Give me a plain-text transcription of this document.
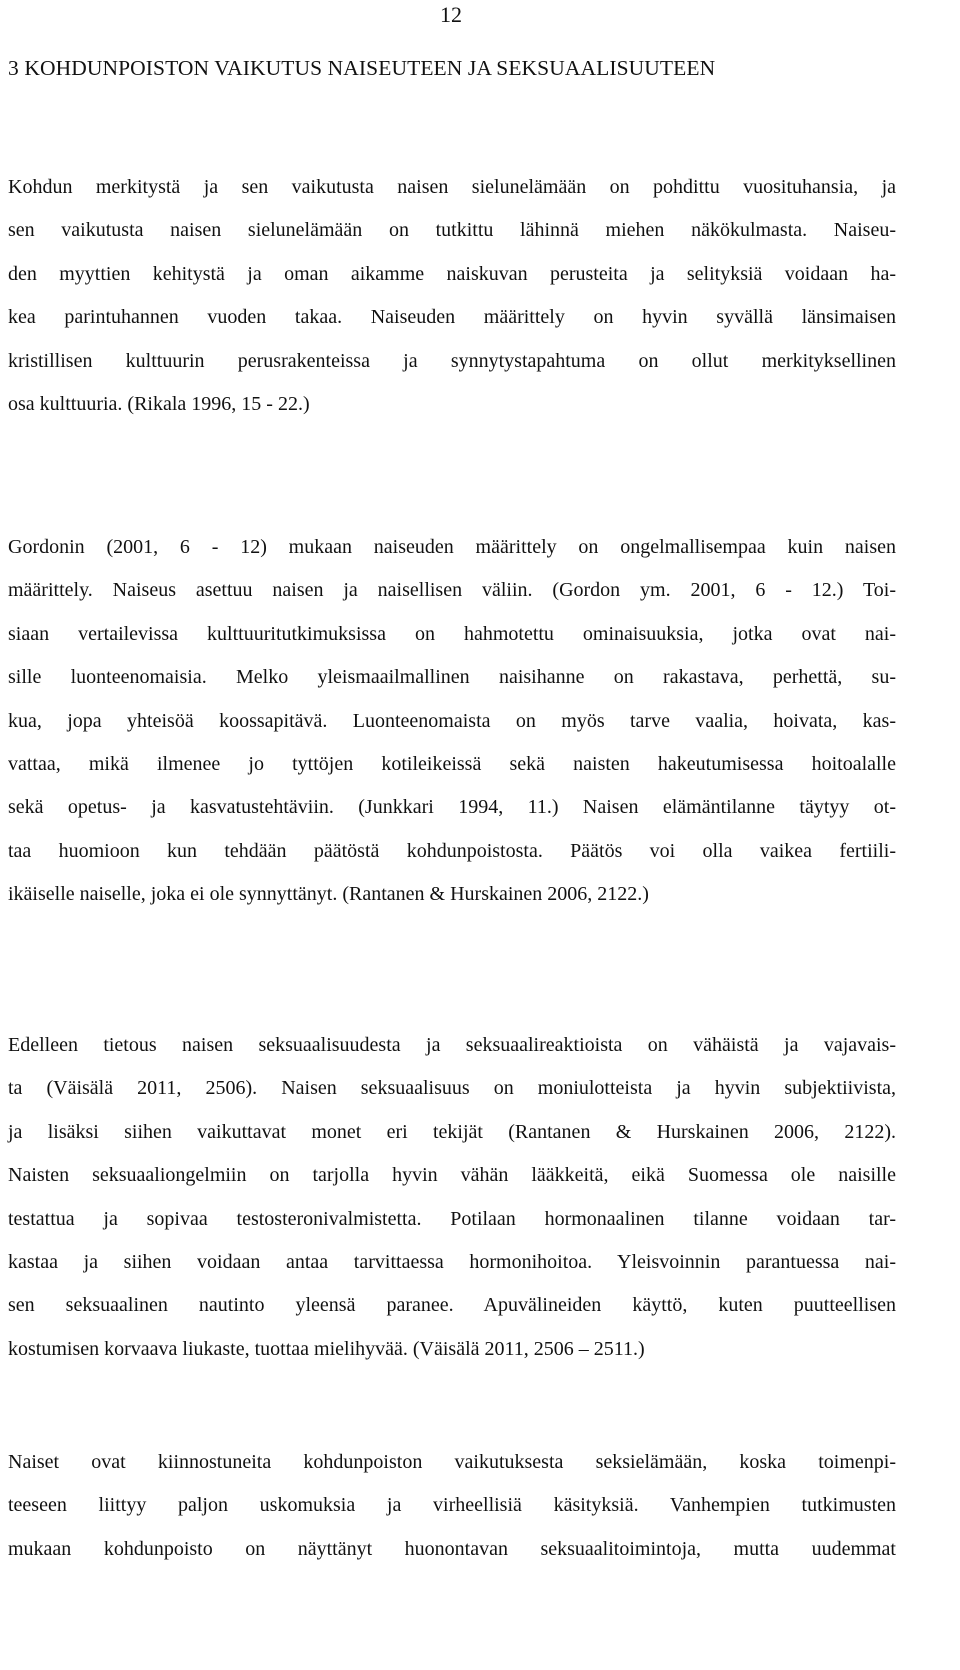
12
3 KOHDUNPOISTON VAIKUTUS NAISEUTEEN JA SEKSUAALISUUTEEN
Kohdun merkitystä ja sen vaikutusta naisen sielunelämään on pohdittu vuosituhansia, ja
sen vaikutusta naisen sielunelämään on tutkittu lähinnä miehen näkökulmasta. Naiseu-
den myyttien kehitystä ja oman aikamme naiskuvan perusteita ja selityksiä voidaan ha-
kea parintuhannen vuoden takaa. Naiseuden määrittely on hyvin syvällä länsimaisen
kristillisen kulttuurin perusrakenteissa ja synnytystapahtuma on ollut merkityksellinen
osa kulttuuria. (Rikala 1996, 15 - 22.)
Gordonin (2001, 6 - 12) mukaan naiseuden määrittely on ongelmallisempaa kuin naisen
määrittely. Naiseus asettuu naisen ja naisellisen väliin. (Gordon ym. 2001, 6 - 12.) Toi-
siaan vertailevissa kulttuuritutkimuksissa on hahmotettu ominaisuuksia, jotka ovat nai-
sille luonteenomaisia. Melko yleismaailmallinen naisihanne on rakastava, perhettä, su-
kua, jopa yhteisöä koossapitävä. Luonteenomaista on myös tarve vaalia, hoivata, kas-
vattaa, mikä ilmenee jo tyttöjen kotileikeissä sekä naisten hakeutumisessa hoitoalalle
sekä opetus- ja kasvatustehtäviin. (Junkkari 1994, 11.) Naisen elämäntilanne täytyy ot-
taa huomioon kun tehdään päätöstä kohdunpoistosta. Päätös voi olla vaikea fertiili-
ikäiselle naiselle, joka ei ole synnyttänyt. (Rantanen & Hurskainen 2006, 2122.)
Edelleen tietous naisen seksuaalisuudesta ja seksuaalireaktioista on vähäistä ja vajavais-
ta (Väisälä 2011, 2506). Naisen seksuaalisuus on moniulotteista ja hyvin subjektiivista,
ja lisäksi siihen vaikuttavat monet eri tekijät (Rantanen & Hurskainen 2006, 2122).
Naisten seksuaaliongelmiin on tarjolla hyvin vähän lääkkeitä, eikä Suomessa ole naisille
testattua ja sopivaa testosteronivalmistetta. Potilaan hormonaalinen tilanne voidaan tar-
kastaa ja siihen voidaan antaa tarvittaessa hormonihoitoa. Yleisvoinnin parantuessa nai-
sen seksuaalinen nautinto yleensä paranee. Apuvälineiden käyttö, kuten puutteellisen
kostumisen korvaava liukaste, tuottaa mielihyvää. (Väisälä 2011, 2506 – 2511.)
Naiset ovat kiinnostuneita kohdunpoiston vaikutuksesta seksielämään, koska toimenpi-
teeseen liittyy paljon uskomuksia ja virheellisiä käsityksiä. Vanhempien tutkimusten
mukaan kohdunpoisto on näyttänyt huonontavan seksuaalitoimintoja, mutta uudemmat
